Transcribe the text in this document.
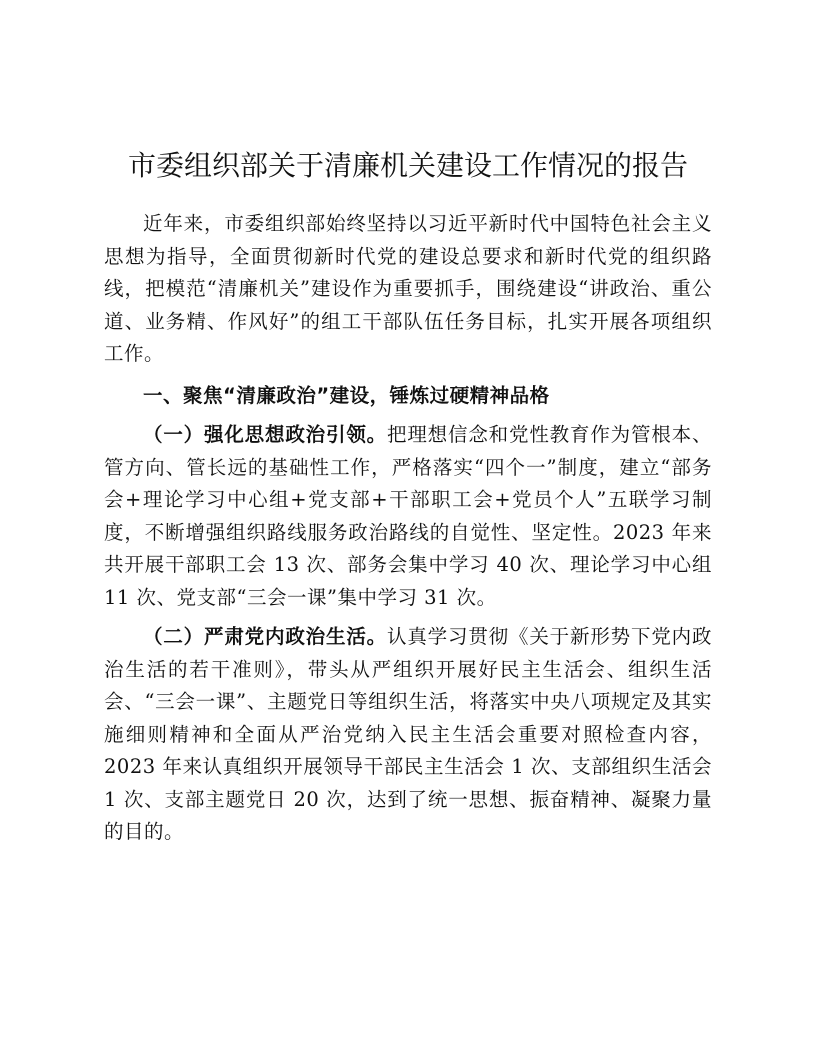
市委组织部关于清廉机关建设工作情况的报告

近年来，市委组织部始终坚持以习近平新时代中国特色社会主义思想为指导，全面贯彻新时代党的建设总要求和新时代党的组织路线，把模范“清廉机关”建设作为重要抓手，围绕建设“讲政治、重公道、业务精、作风好”的组工干部队伍任务目标，扎实开展各项组织工作。

一、聚焦“清廉政治”建设，锤炼过硬精神品格

（一）强化思想政治引领。把理想信念和党性教育作为管根本、管方向、管长远的基础性工作，严格落实“四个一”制度，建立“部务会+理论学习中心组+党支部+干部职工会+党员个人”五联学习制度，不断增强组织路线服务政治路线的自觉性、坚定性。2023 年来共开展干部职工会 13 次、部务会集中学习 40 次、理论学习中心组 11 次、党支部“三会一课”集中学习 31 次。

（二）严肃党内政治生活。认真学习贯彻《关于新形势下党内政治生活的若干准则》，带头从严组织开展好民主生活会、组织生活会、“三会一课”、主题党日等组织生活，将落实中央八项规定及其实施细则精神和全面从严治党纳入民主生活会重要对照检查内容，2023 年来认真组织开展领导干部民主生活会 1 次、支部组织生活会 1 次、支部主题党日 20 次，达到了统一思想、振奋精神、凝聚力量的目的。
